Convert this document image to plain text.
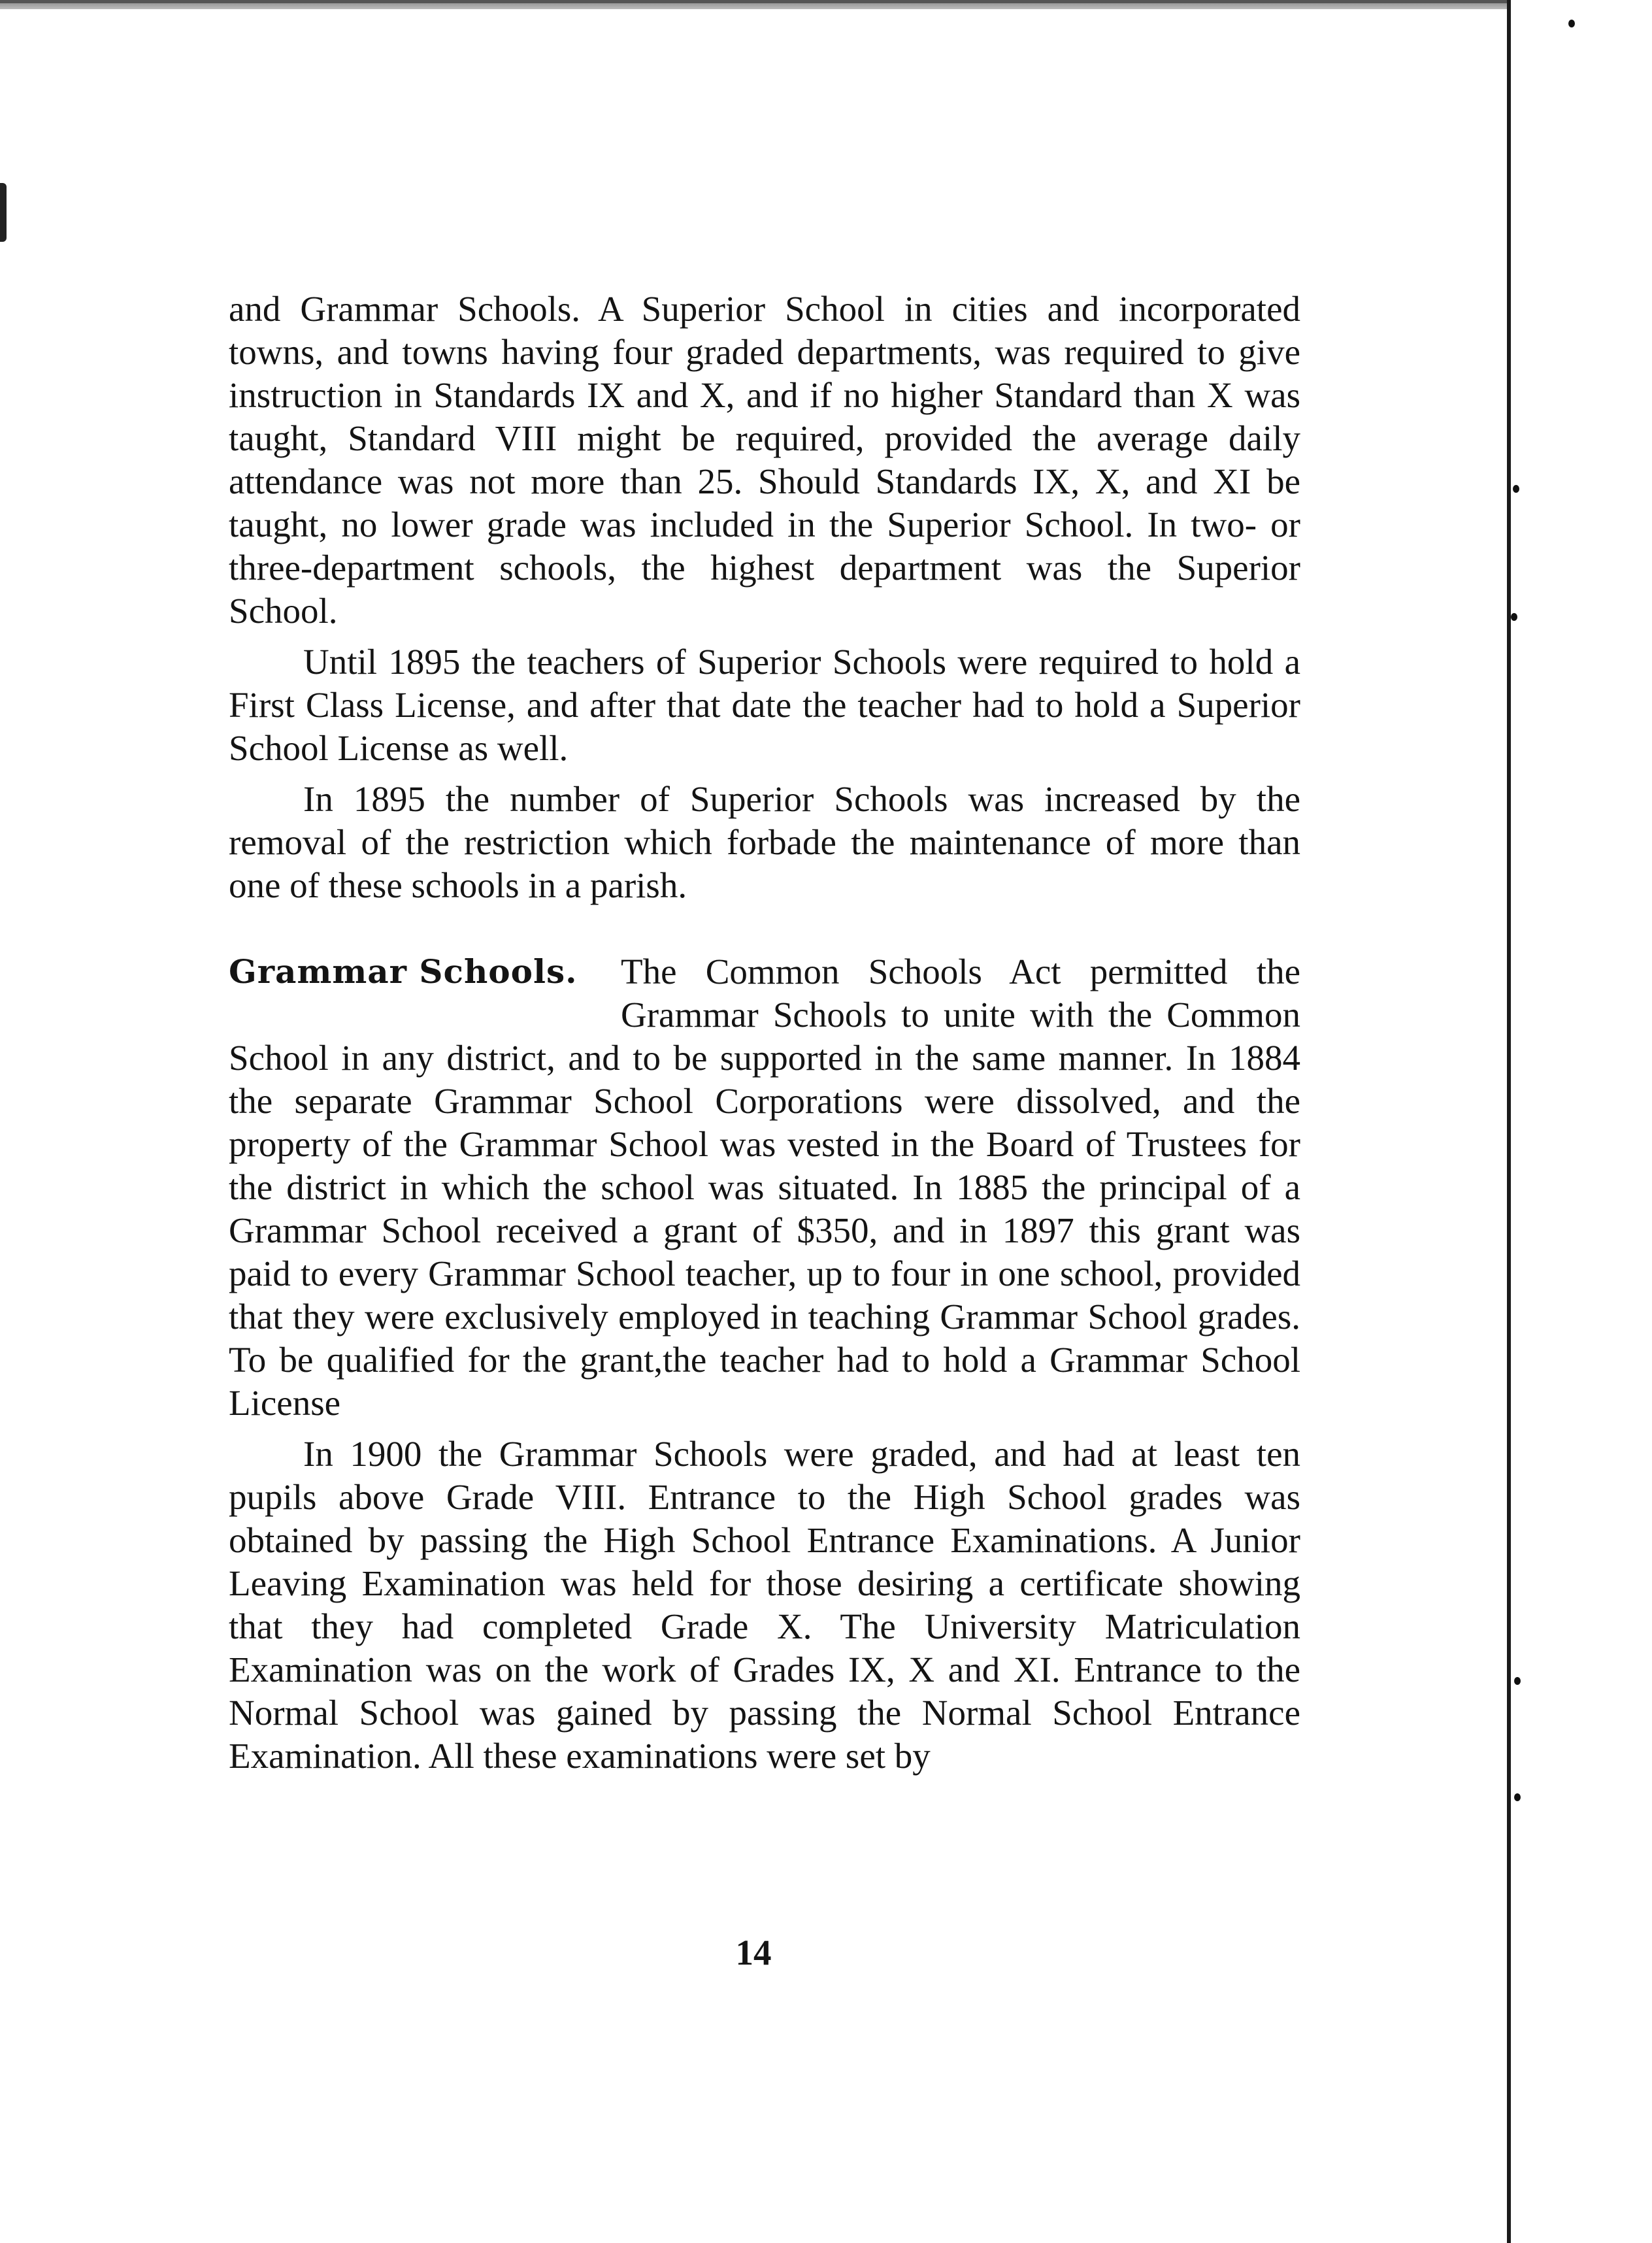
and Grammar Schools. A Superior School in cities and incorporated towns, and towns having four graded departments, was required to give instruction in Standards IX and X, and if no higher Standard than X was taught, Standard VIII might be required, provided the average daily attendance was not more than 25. Should Standards IX, X, and XI be taught, no lower grade was included in the Superior School. In two- or three-department schools, the highest department was the Superior School.

Until 1895 the teachers of Superior Schools were required to hold a First Class License, and after that date the teacher had to hold a Superior School License as well.

In 1895 the number of Superior Schools was increased by the removal of the restriction which forbade the maintenance of more than one of these schools in a parish.

Grammar Schools.	The Common Schools Act permitted the Grammar Schools to unite with the Common School in any district, and to be supported in the same manner. In 1884 the separate Grammar School Corporations were dissolved, and the property of the Grammar School was vested in the Board of Trustees for the district in which the school was situated. In 1885 the principal of a Grammar School received a grant of $350, and in 1897 this grant was paid to every Grammar School teacher, up to four in one school, provided that they were exclusively employed in teaching Grammar School grades. To be qualified for the grant,the teacher had to hold a Grammar School License

In 1900 the Grammar Schools were graded, and had at least ten pupils above Grade VIII. Entrance to the High School grades was obtained by passing the High School Entrance Examinations. A Junior Leaving Examination was held for those desiring a certificate showing that they had completed Grade X. The University Matriculation Examination was on the work of Grades IX, X and XI. Entrance to the Normal School was gained by passing the Normal School Entrance Examination. All these examinations were set by

14
